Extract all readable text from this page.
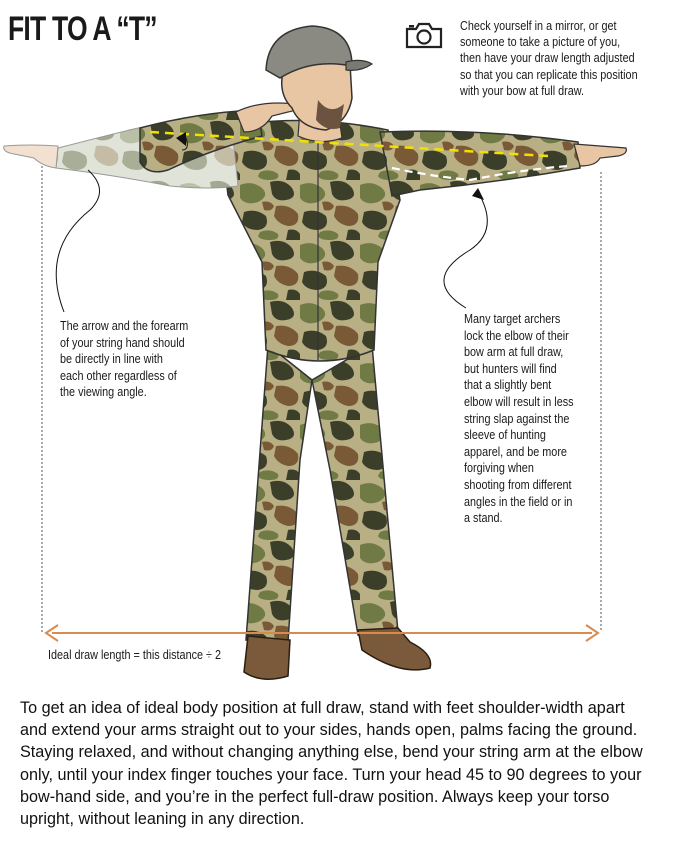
FIT TO A “T”	Check yourself in a mirror, or get someone to take a picture of you, then have your draw length adjusted so that you can replicate this position with your bow at full draw.
The arrow and the forearm of your string hand should be directly in line with each other regardless of the viewing angle.
Many target archers lock the elbow of their bow arm at full draw, but hunters will find that a slightly bent elbow will result in less string slap against the sleeve of hunting apparel, and be more forgiving when shooting from different angles in the field or in a stand.
Ideal draw length = this distance ÷ 2
To get an idea of ideal body position at full draw, stand with feet shoulder-width apart and extend your arms straight out to your sides, hands open, palms facing the ground. Staying relaxed, and without changing anything else, bend your string arm at the elbow only, until your index finger touches your face. Turn your head 45 to 90 degrees to your bow-hand side, and you’re in the perfect full-draw position. Always keep your torso upright, without leaning in any direction.
